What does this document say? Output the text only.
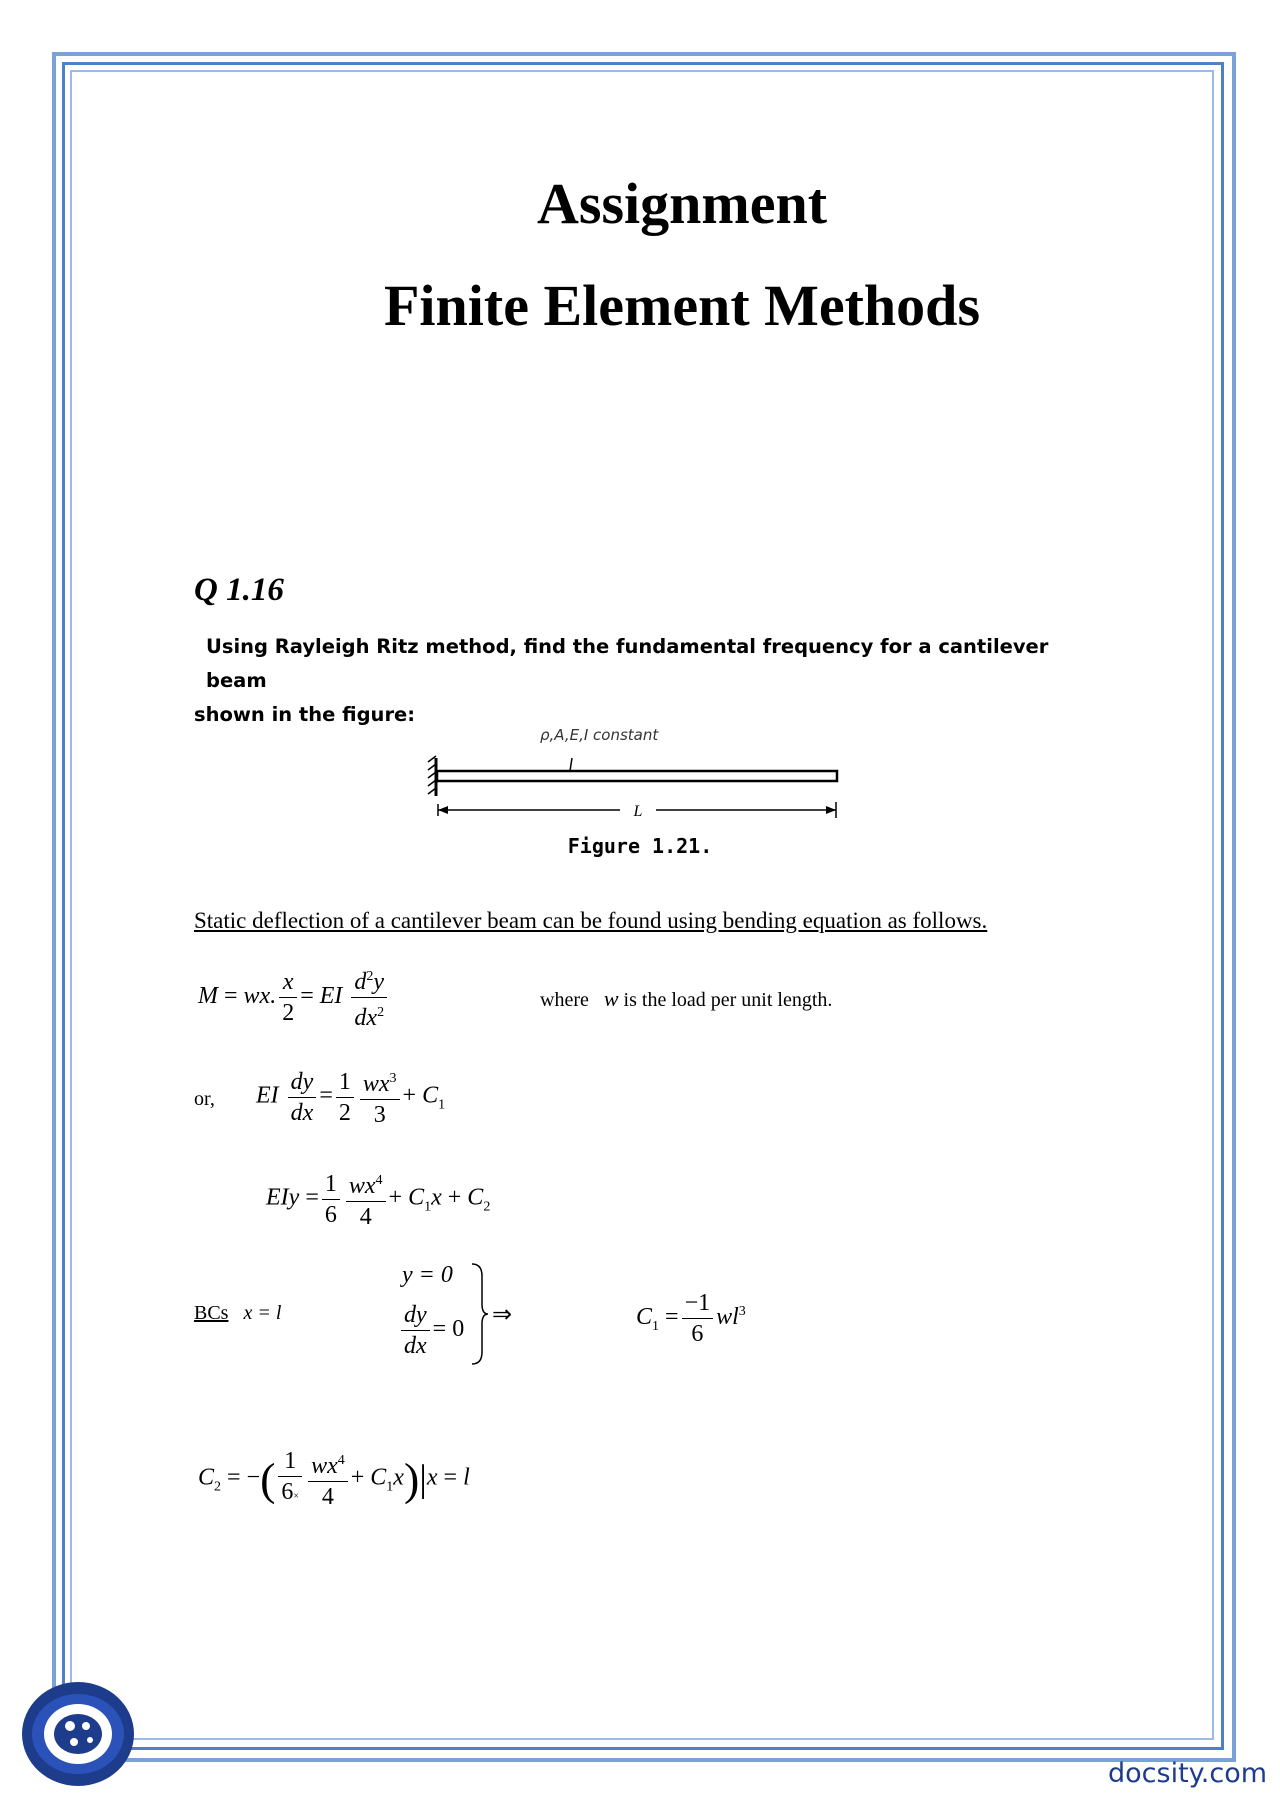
Assignment
Finite Element Methods
Q 1.16
Using Rayleigh Ritz method, find the fundamental frequency for a cantilever beam
shown in the figure:
L
ρ,A,E,I constant
Figure 1.21.
Static deflection of a cantilever beam can be found using bending equation as follows.
M = wx. $\frac{x}{2}$ = EI $\frac{d^2y}{dx^2}$	where w is the load per unit length.
or, EI $\frac{dy}{dx} = \frac{1}{2} \frac{wx^3}{3} + C_1$
EIy = $\frac{1}{6} \frac{wx^4}{4} + C_1x + C_2$
BCs x = l
y = 0
$\frac{dy}{dx} = 0$
⇒	$C_1 = \frac{-1}{6} wl^3$
$C_2$ = −( $\frac{1}{6\times} \frac{wx^4}{4} + C_1x)|x = l$
docsity.com
